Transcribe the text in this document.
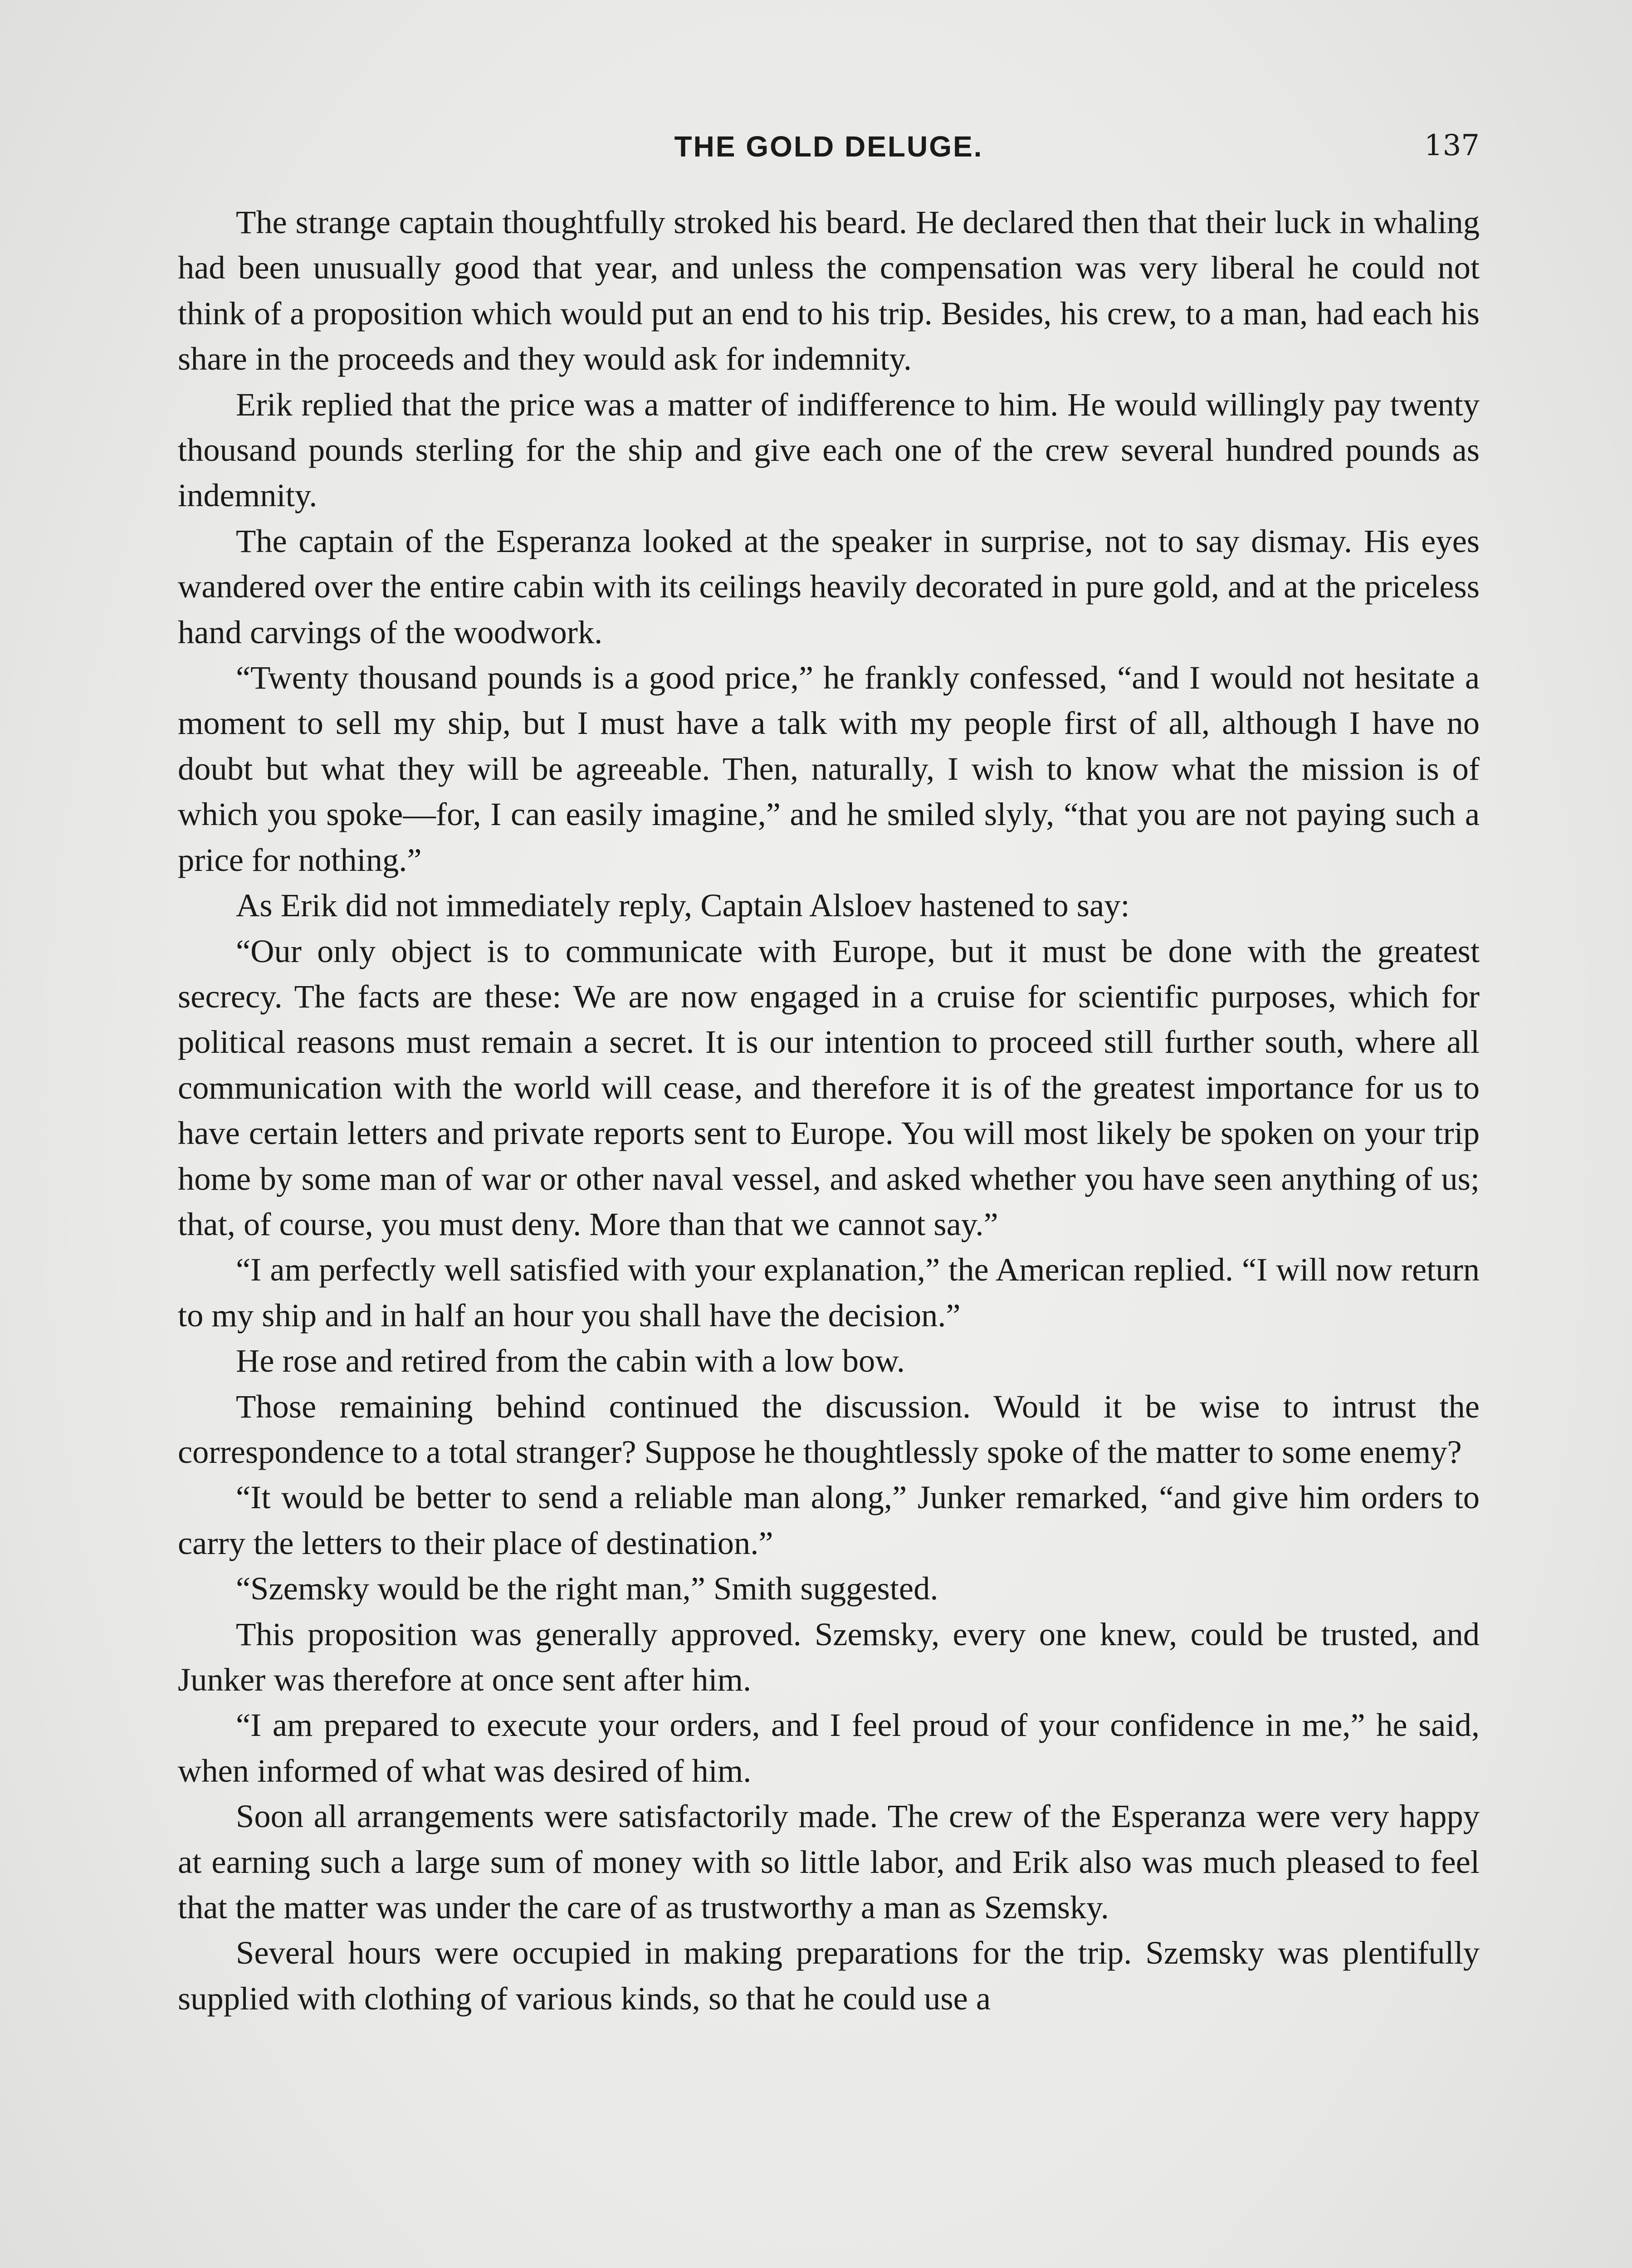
THE GOLD DELUGE.	137

The strange captain thoughtfully stroked his beard. He declared then that their luck in whaling had been unusually good that year, and unless the compensation was very liberal he could not think of a proposition which would put an end to his trip. Besides, his crew, to a man, had each his share in the proceeds and they would ask for indemnity.

Erik replied that the price was a matter of indifference to him. He would willingly pay twenty thousand pounds sterling for the ship and give each one of the crew several hundred pounds as indemnity.

The captain of the Esperanza looked at the speaker in surprise, not to say dismay. His eyes wandered over the entire cabin with its ceilings heavily decorated in pure gold, and at the priceless hand carvings of the woodwork.

“Twenty thousand pounds is a good price,” he frankly confessed, “and I would not hesitate a moment to sell my ship, but I must have a talk with my people first of all, although I have no doubt but what they will be agreeable. Then, naturally, I wish to know what the mission is of which you spoke—for, I can easily imagine,” and he smiled slyly, “that you are not paying such a price for nothing.”

As Erik did not immediately reply, Captain Alsloev hastened to say:

“Our only object is to communicate with Europe, but it must be done with the greatest secrecy. The facts are these: We are now engaged in a cruise for scientific purposes, which for political reasons must remain a secret. It is our intention to proceed still further south, where all communication with the world will cease, and therefore it is of the greatest importance for us to have certain letters and private reports sent to Europe. You will most likely be spoken on your trip home by some man of war or other naval vessel, and asked whether you have seen anything of us; that, of course, you must deny. More than that we cannot say.”

“I am perfectly well satisfied with your explanation,” the American replied. “I will now return to my ship and in half an hour you shall have the decision.”

He rose and retired from the cabin with a low bow.

Those remaining behind continued the discussion. Would it be wise to intrust the correspondence to a total stranger? Suppose he thoughtlessly spoke of the matter to some enemy?

“It would be better to send a reliable man along,” Junker remarked, “and give him orders to carry the letters to their place of destination.”

“Szemsky would be the right man,” Smith suggested.

This proposition was generally approved. Szemsky, every one knew, could be trusted, and Junker was therefore at once sent after him.

“I am prepared to execute your orders, and I feel proud of your confidence in me,” he said, when informed of what was desired of him.

Soon all arrangements were satisfactorily made. The crew of the Esperanza were very happy at earning such a large sum of money with so little labor, and Erik also was much pleased to feel that the matter was under the care of as trustworthy a man as Szemsky.

Several hours were occupied in making preparations for the trip. Szemsky was plentifully supplied with clothing of various kinds, so that he could use a
